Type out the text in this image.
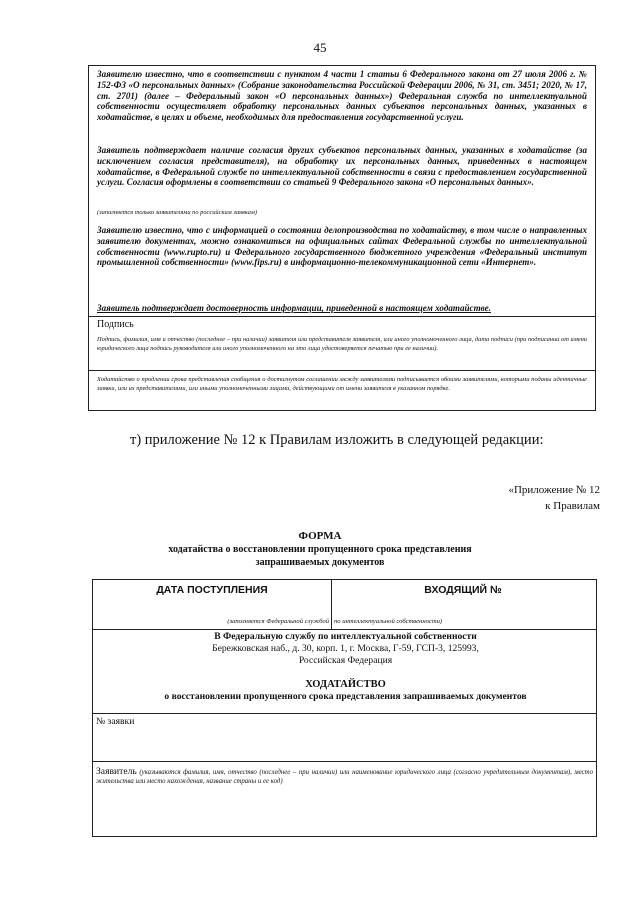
45
Заявителю известно, что в соответствии с пунктом 4 части 1 статьи 6 Федерального закона от 27 июля 2006 г. № 152-ФЗ «О персональных данных» (Собрание законодательства Российской Федерации 2006, № 31, ст. 3451; 2020, № 17, ст. 2701) (далее – Федеральный закон «О персональных данных») Федеральная служба по интеллектуальной собственности осуществляет обработку персональных данных субъектов персональных данных, указанных в ходатайстве, в целях и объеме, необходимых для предоставления государственной услуги.
Заявитель подтверждает наличие согласия других субъектов персональных данных, указанных в ходатайстве (за исключением согласия представителя), на обработку их персональных данных, приведенных в настоящем ходатайстве, в Федеральной службе по интеллектуальной собственности в связи с предоставлением государственной услуги. Согласия оформлены в соответствии со статьей 9 Федерального закона «О персональных данных».
(заполняется только заявителями по российским заявкам)
Заявителю известно, что с информацией о состоянии делопроизводства по ходатайству, в том числе о направленных заявителю документах, можно ознакомиться на официальных сайтах Федеральной службы по интеллектуальной собственности (www.rupto.ru) и Федерального государственного бюджетного учреждения «Федеральный институт промышленной собственности» (www.fips.ru) в информационно-телекоммуникационной сети «Интернет».
Заявитель подтверждает достоверность информации, приведенной в настоящем ходатайстве.
Подпись
Подпись, фамилия, имя и отчество (последнее – при наличии) заявителя или представителя заявителя, или иного уполномоченного лица, дата подписи (при подписании от имени юридического лица подпись руководителя или иного уполномоченного на это лица удостоверяется печатью при ее наличии).
Ходатайство о продлении срока представления сообщения о достигнутом соглашении между заявителями подписывается обоими заявителями, которыми поданы идентичные заявки, или их представителями, или иными уполномоченными лицами, действующими от имени заявителя в указанном порядке.
т) приложение № 12 к Правилам изложить в следующей редакции:
«Приложение № 12
к Правилам
ФОРМА
ходатайства о восстановлении пропущенного срока представления
запрашиваемых документов
ДАТА ПОСТУПЛЕНИЯ
(заполняется Федеральной службой
ВХОДЯЩИЙ №
по интеллектуальной собственности)
В Федеральную службу по интеллектуальной собственности
Бережковская наб., д. 30, корп. 1, г. Москва, Г-59, ГСП-3, 125993,
Российская Федерация
ХОДАТАЙСТВО
о восстановлении пропущенного срока представления запрашиваемых документов
№ заявки
Заявитель (указываются фамилия, имя, отчество (последнее – при наличии) или наименование юридического лица (согласно учредительным документам), место жительства или место нахождения, название страны и ее код)
